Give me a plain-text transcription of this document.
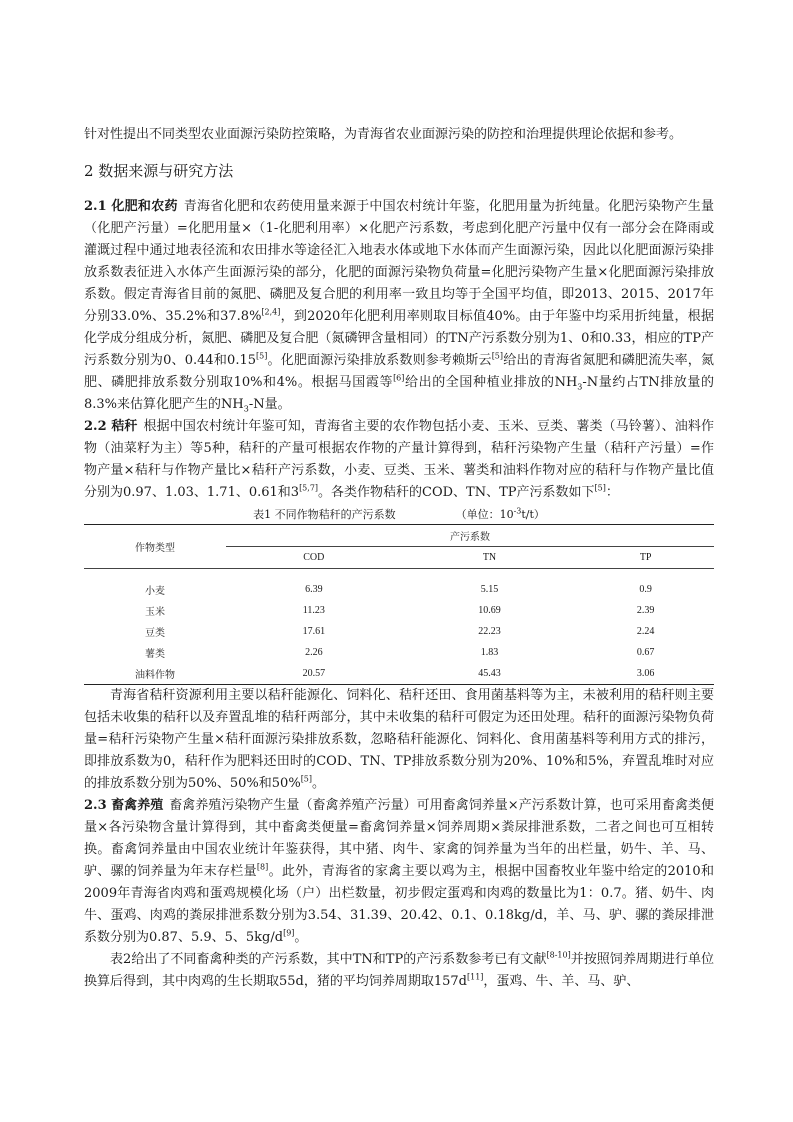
针对性提出不同类型农业面源污染防控策略，为青海省农业面源污染的防控和治理提供理论依据和参考。

2 数据来源与研究方法

2.1 化肥和农药 青海省化肥和农药使用量来源于中国农村统计年鉴，化肥用量为折纯量。化肥污染物产生量（化肥产污量）=化肥用量×（1-化肥利用率）×化肥产污系数，考虑到化肥产污量中仅有一部分会在降雨或灌溉过程中通过地表径流和农田排水等途径汇入地表水体或地下水体而产生面源污染，因此以化肥面源污染排放系数表征进入水体产生面源污染的部分，化肥的面源污染物负荷量=化肥污染物产生量×化肥面源污染排放系数。假定青海省目前的氮肥、磷肥及复合肥的利用率一致且均等于全国平均值，即2013、2015、2017年分别33.0%、35.2%和37.8%[2,4]，到2020年化肥利用率则取目标值40%。由于年鉴中均采用折纯量，根据化学成分组成分析，氮肥、磷肥及复合肥（氮磷钾含量相同）的TN产污系数分别为1、0和0.33，相应的TP产污系数分别为0、0.44和0.15[5]。化肥面源污染排放系数则参考赖斯云[5]给出的青海省氮肥和磷肥流失率，氮肥、磷肥排放系数分别取10%和4%。根据马国霞等[6]给出的全国种植业排放的$NH_3-N$量约占TN排放量的8.3%来估算化肥产生的$NH_3-N$量。

2.2 秸秆 根据中国农村统计年鉴可知，青海省主要的农作物包括小麦、玉米、豆类、薯类（马铃薯）、油料作物（油菜籽为主）等5种，秸秆的产量可根据农作物的产量计算得到，秸秆污染物产生量（秸秆产污量）=作物产量×秸秆与作物产量比×秸秆产污系数，小麦、豆类、玉米、薯类和油料作物对应的秸秆与作物产量比值分别为0.97、1.03、1.71、0.61和3[5,7]。各类作物秸秆的COD、TN、TP产污系数如下[5]：

表1 不同作物秸秆的产污系数	（单位：$10^{-3}t/t$）
作物类型	产污系数		
	COD	TN	TP

小麦	6.39	5.15	0.9
玉米	11.23	10.69	2.39
豆类	17.61	22.23	2.24
薯类	2.26	1.83	0.67
油料作物	20.57	45.43	3.06

青海省秸秆资源利用主要以秸秆能源化、饲料化、秸秆还田、食用菌基料等为主，未被利用的秸秆则主要包括未收集的秸秆以及弃置乱堆的秸秆两部分，其中未收集的秸秆可假定为还田处理。秸秆的面源污染物负荷量=秸秆污染物产生量×秸秆面源污染排放系数，忽略秸秆能源化、饲料化、食用菌基料等利用方式的排污，即排放系数为0，秸秆作为肥料还田时的COD、TN、TP排放系数分别为20%、10%和5%，弃置乱堆时对应的排放系数分别为50%、50%和50%[5]。

2.3 畜禽养殖 畜禽养殖污染物产生量（畜禽养殖产污量）可用畜禽饲养量×产污系数计算，也可采用畜禽类便量×各污染物含量计算得到，其中畜禽类便量=畜禽饲养量×饲养周期×粪尿排泄系数，二者之间也可互相转换。畜禽饲养量由中国农业统计年鉴获得，其中猪、肉牛、家禽的饲养量为当年的出栏量，奶牛、羊、马、驴、骡的饲养量为年末存栏量[8]。此外，青海省的家禽主要以鸡为主，根据中国畜牧业年鉴中给定的2010和2009年青海省肉鸡和蛋鸡规模化场（户）出栏数量，初步假定蛋鸡和肉鸡的数量比为1：0.7。猪、奶牛、肉牛、蛋鸡、肉鸡的粪尿排泄系数分别为3.54、31.39、20.42、0.1、0.18kg/d，羊、马、驴、骡的粪尿排泄系数分别为0.87、5.9、5、5kg/d[9]。

表2给出了不同畜禽种类的产污系数，其中TN和TP的产污系数参考已有文献[8-10]并按照饲养周期进行单位换算后得到，其中肉鸡的生长期取55d，猪的平均饲养周期取157d[11]，蛋鸡、牛、羊、马、驴、
